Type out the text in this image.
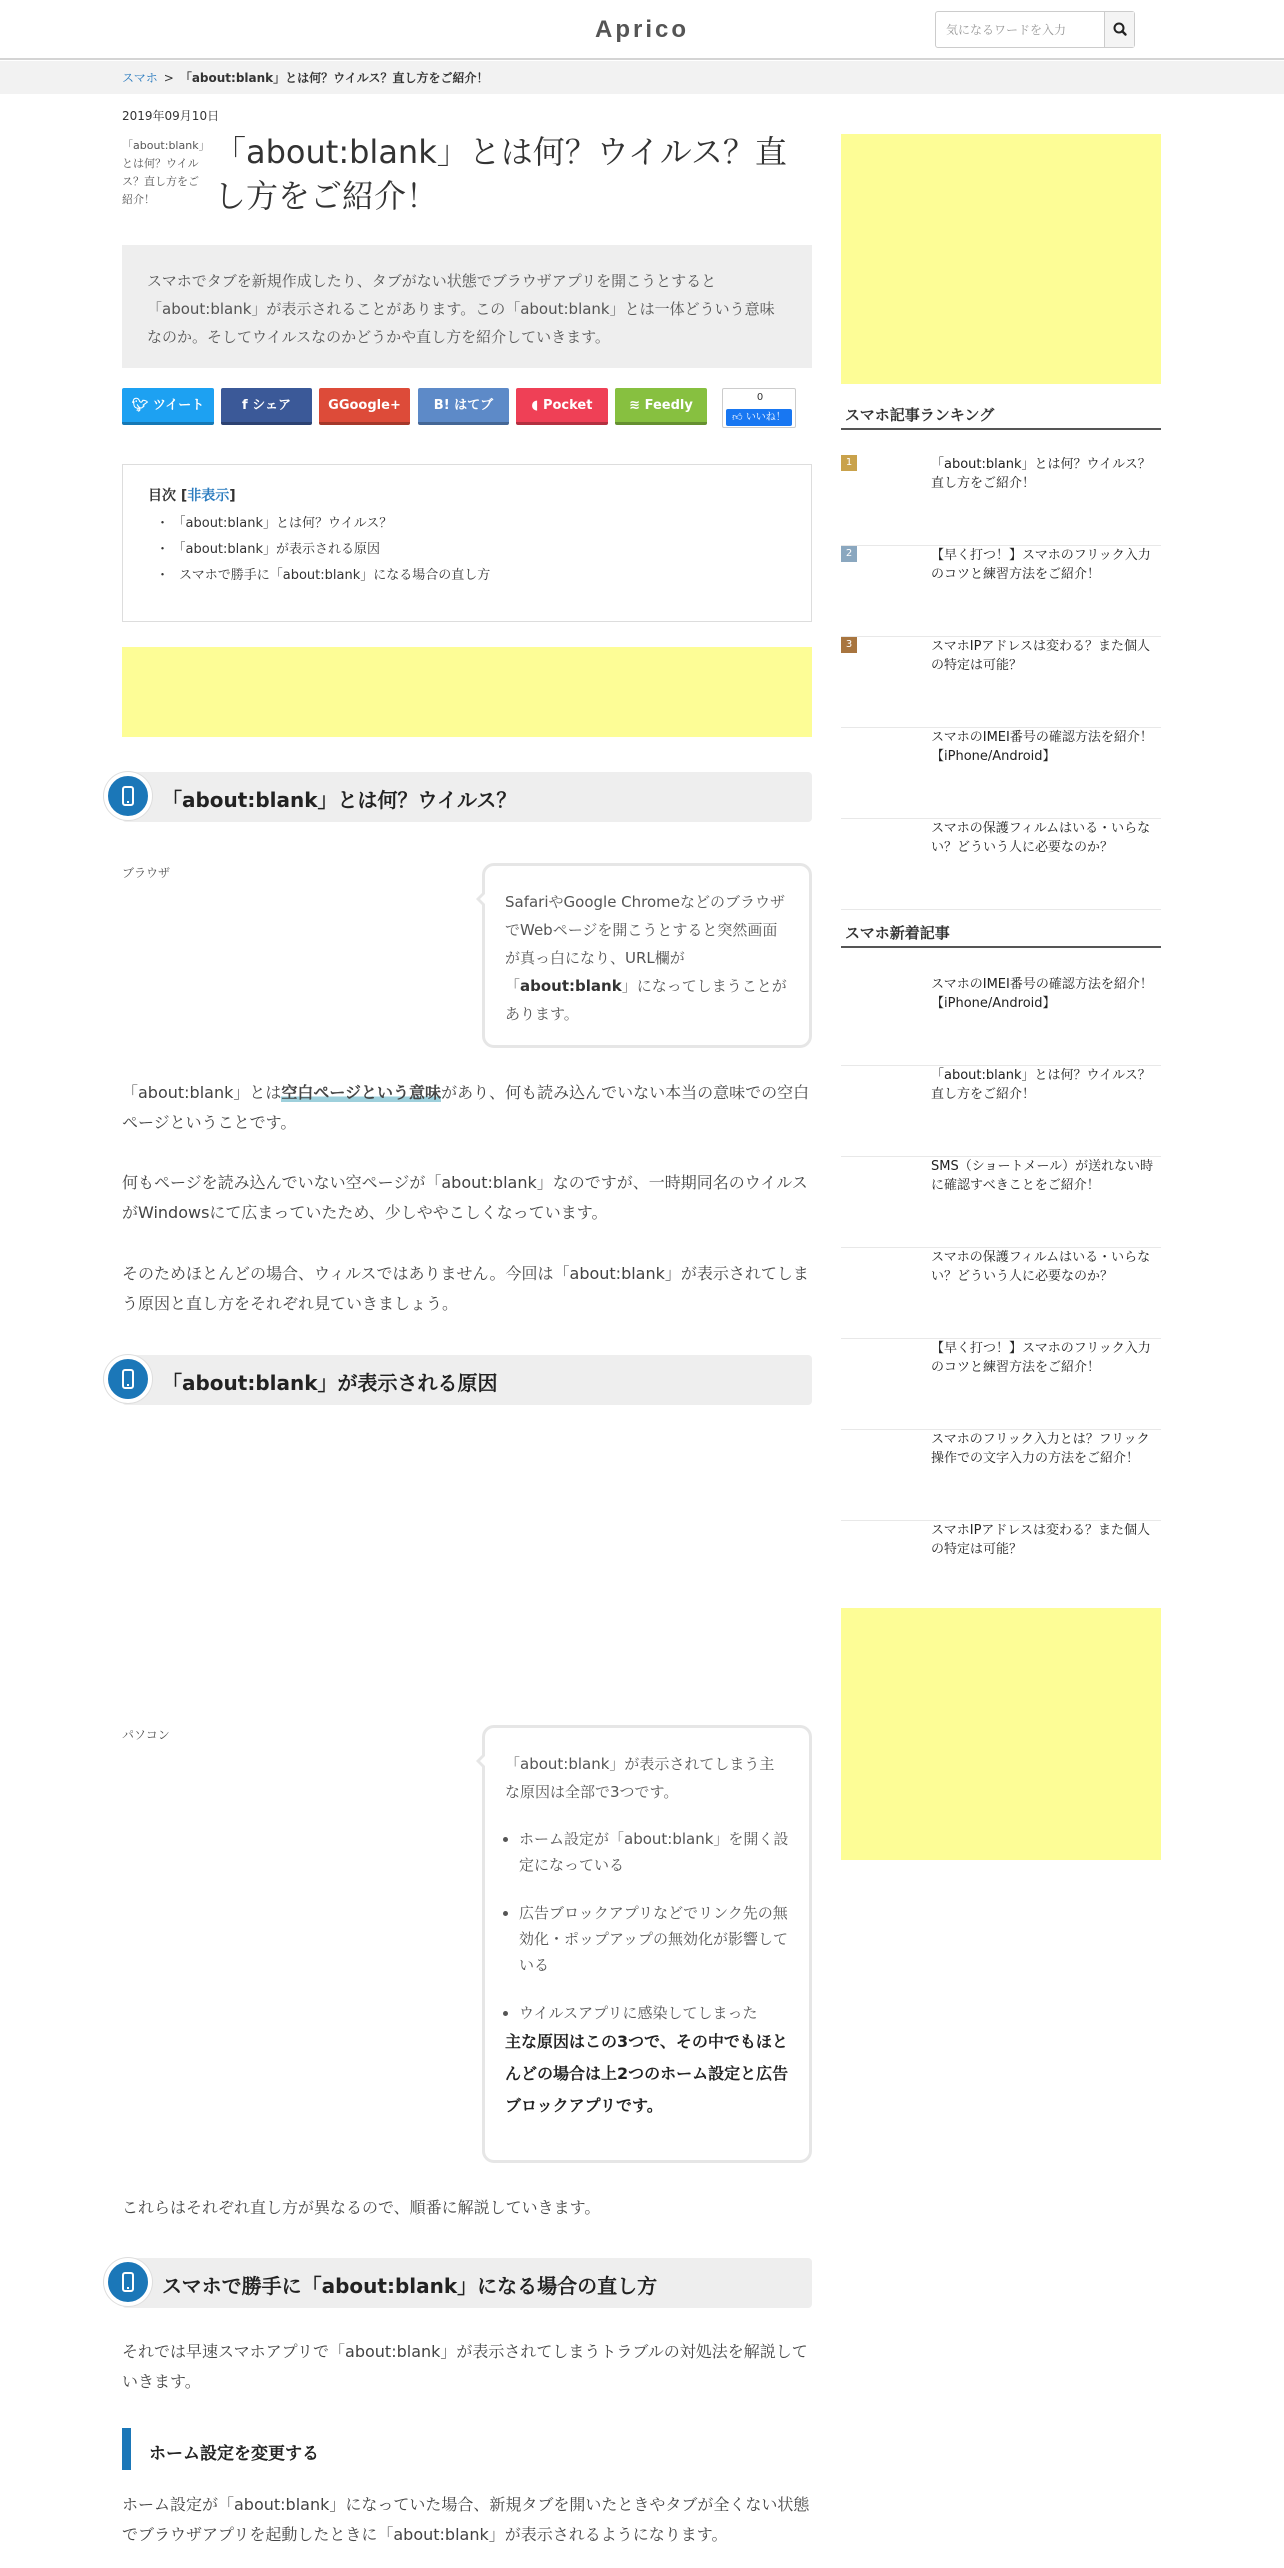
Aprico
気になるワードを入力
スマホ > 「about:blank」とは何？ウイルス？直し方をご紹介！
2019年09月10日
「about:blank」とは何？ウイルス？直し方をご紹介！
「about:blank」とは何？ウイルス？直し方をご紹介！
スマホでタブを新規作成したり、タブがない状態でブラウザアプリを開こうとすると「about:blank」が表示されることがあります。この「about:blank」とは一体どういう意味なのか。そしてウイルスなのかどうかや直し方を紹介していきます。
🐦︎ ツイート	f シェア	GGoogle+	B! はてブ	◖ Pocket	≋ Feedly
0
👍︎ いいね！
目次 [非表示]
・ 「about:blank」とは何？ウイルス？
・ 「about:blank」が表示される原因
・ スマホで勝手に「about:blank」になる場合の直し方
「about:blank」とは何？ウイルス？
ブラウザ
SafariやGoogle ChromeなどのブラウザでWebページを開こうとすると突然画面が真っ白になり、URL欄が「about:blank」になってしまうことがあります。
「about:blank」とは空白ページという意味があり、何も読み込んでいない本当の意味での空白ページということです。
何もページを読み込んでいない空ページが「about:blank」なのですが、一時期同名のウイルスがWindowsにて広まっていたため、少しややこしくなっています。
そのためほとんどの場合、ウィルスではありません。今回は「about:blank」が表示されてしまう原因と直し方をそれぞれ見ていきましょう。
「about:blank」が表示される原因
パソコン
「about:blank」が表示されてしまう主な原因は全部で3つです。
• ホーム設定が「about:blank」を開く設定になっている
• 広告ブロックアプリなどでリンク先の無効化・ポップアップの無効化が影響している
• ウイルスアプリに感染してしまった
主な原因はこの3つで、その中でもほとんどの場合は上2つのホーム設定と広告ブロックアプリです。
これらはそれぞれ直し方が異なるので、順番に解説していきます。
スマホで勝手に「about:blank」になる場合の直し方
それでは早速スマホアプリで「about:blank」が表示されてしまうトラブルの対処法を解説していきます。
ホーム設定を変更する
ホーム設定が「about:blank」になっていた場合、新規タブを開いたときやタブが全くない状態でブラウザアプリを起動したときに「about:blank」が表示されるようになります。
スマホ記事ランキング
1	「about:blank」とは何？ウイルス？直し方をご紹介！
2	【早く打つ！】スマホのフリック入力のコツと練習方法をご紹介！
3	スマホIPアドレスは変わる？また個人の特定は可能？
スマホのIMEI番号の確認方法を紹介！【iPhone/Android】
スマホの保護フィルムはいる・いらない？どういう人に必要なのか？
スマホ新着記事
スマホのIMEI番号の確認方法を紹介！【iPhone/Android】
「about:blank」とは何？ウイルス？直し方をご紹介！
SMS（ショートメール）が送れない時に確認すべきことをご紹介！
スマホの保護フィルムはいる・いらない？どういう人に必要なのか？
【早く打つ！】スマホのフリック入力のコツと練習方法をご紹介！
スマホのフリック入力とは？フリック操作での文字入力の方法をご紹介！
スマホIPアドレスは変わる？また個人の特定は可能？
